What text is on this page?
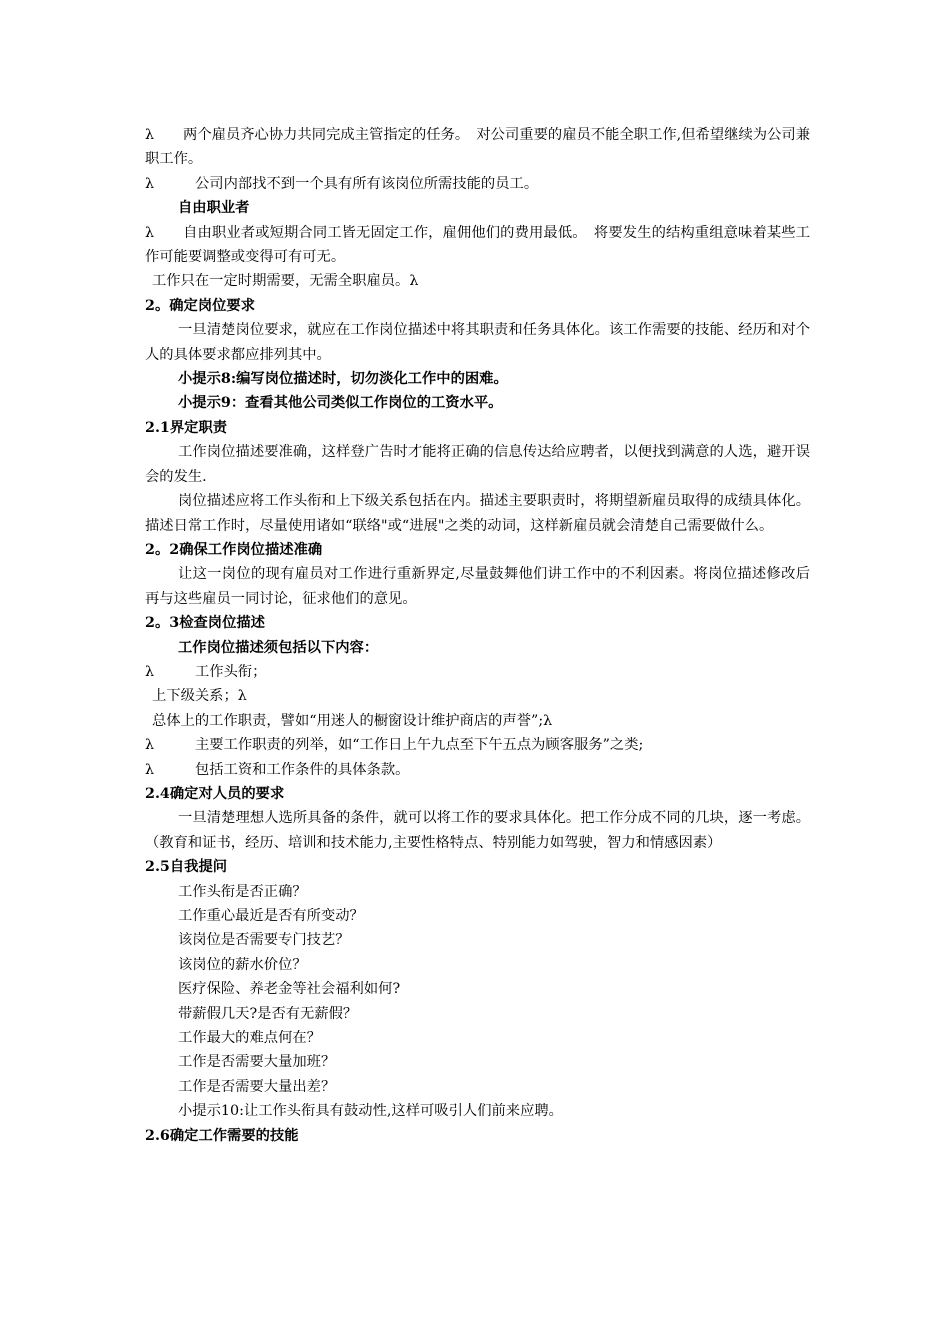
λ 两个雇员齐心协力共同完成主管指定的任务。　对公司重要的雇员不能全职工作,但希望继续为公司兼职工作。

λ	公司内部找不到一个具有所有该岗位所需技能的员工。

自由职业者

λ 自由职业者或短期合同工皆无固定工作，雇佣他们的费用最低。　将要发生的结构重组意味着某些工作可能要调整或变得可有可无。

工作只在一定时期需要，无需全职雇员。λ

2。确定岗位要求

一旦清楚岗位要求，就应在工作岗位描述中将其职责和任务具体化。该工作需要的技能、经历和对个人的具体要求都应排列其中。

小提示8:编写岗位描述时，切勿淡化工作中的困难。

小提示9：查看其他公司类似工作岗位的工资水平。

2.1界定职责

工作岗位描述要准确，这样登广告时才能将正确的信息传达给应聘者，以便找到满意的人选，避开误会的发生.

岗位描述应将工作头衔和上下级关系包括在内。描述主要职责时，将期望新雇员取得的成绩具体化。描述日常工作时，尽量使用诸如“联络"或“进展"之类的动词，这样新雇员就会清楚自己需要做什么。

2。2确保工作岗位描述准确

让这一岗位的现有雇员对工作进行重新界定,尽量鼓舞他们讲工作中的不利因素。将岗位描述修改后再与这些雇员一同讨论，征求他们的意见。

2。3检查岗位描述

工作岗位描述须包括以下内容：

λ	工作头衔；

上下级关系；λ

总体上的工作职责，譬如“用迷人的橱窗设计维护商店的声誉”;λ

λ	主要工作职责的列举，如“工作日上午九点至下午五点为顾客服务”之类;

λ	包括工资和工作条件的具体条款。

2.4确定对人员的要求

一旦清楚理想人选所具备的条件，就可以将工作的要求具体化。把工作分成不同的几块，逐一考虑。（教育和证书，经历、培训和技术能力,主要性格特点、特别能力如驾驶，智力和情感因素）

2.5自我提问

工作头衔是否正确？

工作重心最近是否有所变动？

该岗位是否需要专门技艺？

该岗位的薪水价位？

医疗保险、养老金等社会福利如何?

带薪假几天?是否有无薪假？

工作最大的难点何在？

工作是否需要大量加班？

工作是否需要大量出差？

小提示10:让工作头衔具有鼓动性,这样可吸引人们前来应聘。

2.6确定工作需要的技能
